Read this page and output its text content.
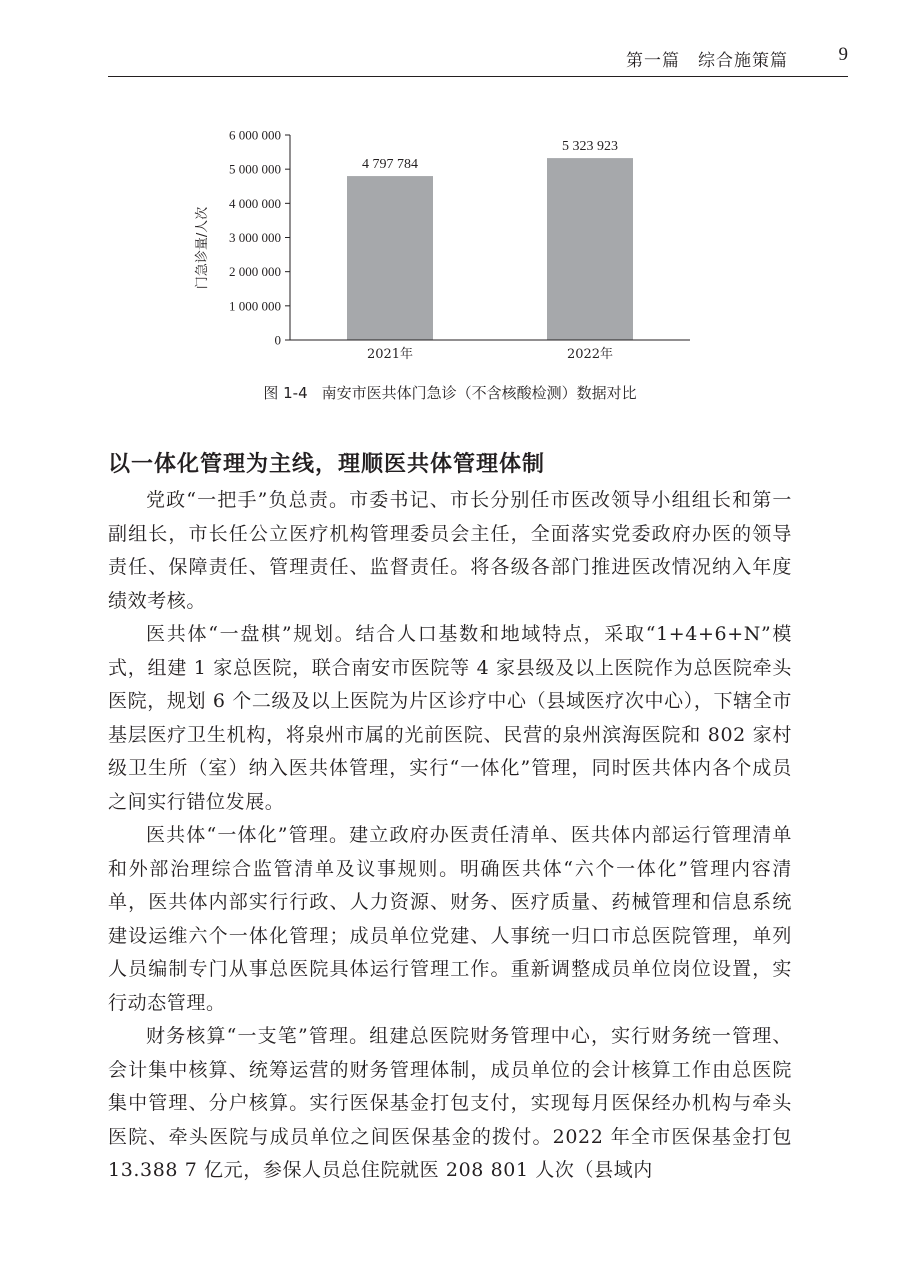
第一篇　综合施策篇	9
门急诊量/人次
0
1 000 000
2 000 000
3 000 000
4 000 000
5 000 000
6 000 000
4 797 784
5 323 923
2021年	2022年
图 1-4 南安市医共体门急诊（不含核酸检测）数据对比
以一体化管理为主线，理顺医共体管理体制

党政“一把手”负总责。市委书记、市长分别任市医改领导小组组长和第一副组长，市长任公立医疗机构管理委员会主任，全面落实党委政府办医的领导责任、保障责任、管理责任、监督责任。将各级各部门推进医改情况纳入年度绩效考核。

医共体“一盘棋”规划。结合人口基数和地域特点，采取“1+4+6+N”模式，组建 1 家总医院，联合南安市医院等 4 家县级及以上医院作为总医院牵头医院，规划 6 个二级及以上医院为片区诊疗中心（县域医疗次中心），下辖全市基层医疗卫生机构，将泉州市属的光前医院、民营的泉州滨海医院和 802 家村级卫生所（室）纳入医共体管理，实行“一体化”管理，同时医共体内各个成员之间实行错位发展。

医共体“一体化”管理。建立政府办医责任清单、医共体内部运行管理清单和外部治理综合监管清单及议事规则。明确医共体“六个一体化”管理内容清单，医共体内部实行行政、人力资源、财务、医疗质量、药械管理和信息系统建设运维六个一体化管理；成员单位党建、人事统一归口市总医院管理，单列人员编制专门从事总医院具体运行管理工作。重新调整成员单位岗位设置，实行动态管理。

财务核算“一支笔”管理。组建总医院财务管理中心，实行财务统一管理、会计集中核算、统筹运营的财务管理体制，成员单位的会计核算工作由总医院集中管理、分户核算。实行医保基金打包支付，实现每月医保经办机构与牵头医院、牵头医院与成员单位之间医保基金的拨付。2022 年全市医保基金打包 13.388 7 亿元，参保人员总住院就医 208 801 人次（县域内
